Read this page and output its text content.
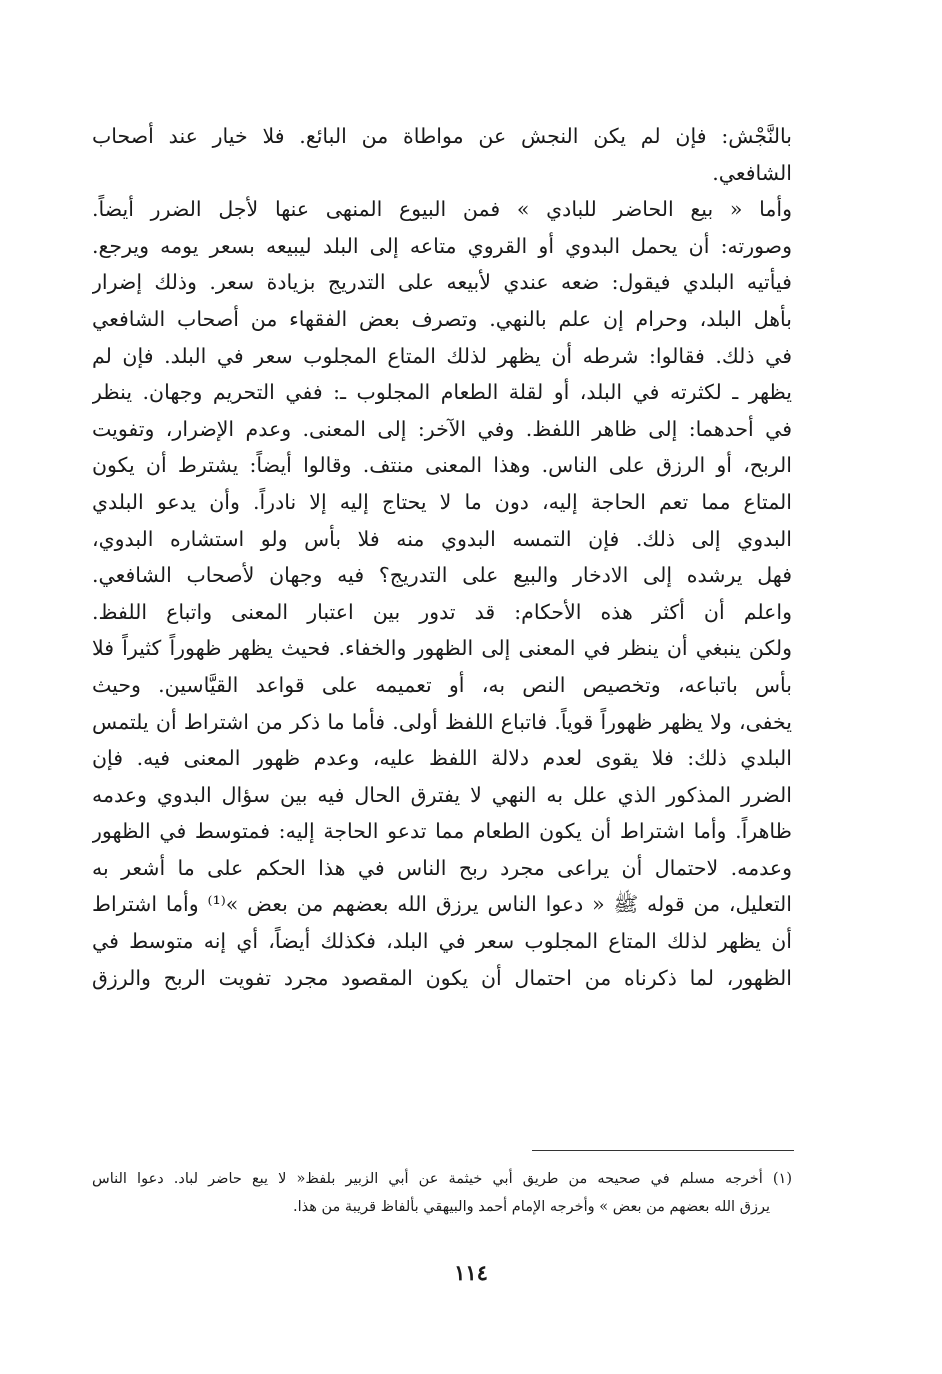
بالنَّجْش: فإن لم يكن النجش عن مواطاة من البائع. فلا خيار عند أصحاب
الشافعي.
وأما « بيع الحاضر للبادي » فمن البيوع المنهى عنها لأجل الضرر أيضاً.
وصورته: أن يحمل البدوي أو القروي متاعه إلى البلد ليبيعه بسعر يومه ويرجع.
فيأتيه البلدي فيقول: ضعه عندي لأبيعه على التدريج بزيادة سعر. وذلك إضرار
بأهل البلد، وحرام إن علم بالنهي. وتصرف بعض الفقهاء من أصحاب الشافعي
في ذلك. فقالوا: شرطه أن يظهر لذلك المتاع المجلوب سعر في البلد. فإن لم
يظهر ـ لكثرته في البلد، أو لقلة الطعام المجلوب ـ: ففي التحريم وجهان. ينظر
في أحدهما: إلى ظاهر اللفظ. وفي الآخر: إلى المعنى. وعدم الإضرار، وتفويت
الربح، أو الرزق على الناس. وهذا المعنى منتف. وقالوا أيضاً: يشترط أن يكون
المتاع مما تعم الحاجة إليه، دون ما لا يحتاج إليه إلا نادراً. وأن يدعو البلدي
البدوي إلى ذلك. فإن التمسه البدوي منه فلا بأس ولو استشاره البدوي،
فهل يرشده إلى الادخار والبيع على التدريج؟ فيه وجهان لأصحاب الشافعي.
واعلم أن أكثر هذه الأحكام: قد تدور بين اعتبار المعنى واتباع اللفظ.
ولكن ينبغي أن ينظر في المعنى إلى الظهور والخفاء. فحيث يظهر ظهوراً كثيراً فلا
بأس باتباعه، وتخصيص النص به، أو تعميمه على قواعد القيَّاسين. وحيث
يخفى، ولا يظهر ظهوراً قوياً. فاتباع اللفظ أولى. فأما ما ذكر من اشتراط أن يلتمس
البلدي ذلك: فلا يقوى لعدم دلالة اللفظ عليه، وعدم ظهور المعنى فيه. فإن
الضرر المذكور الذي علل به النهي لا يفترق الحال فيه بين سؤال البدوي وعدمه
ظاهراً. وأما اشتراط أن يكون الطعام مما تدعو الحاجة إليه: فمتوسط في الظهور
وعدمه. لاحتمال أن يراعى مجرد ربح الناس في هذا الحكم على ما أشعر به
التعليل، من قوله ﷺ « دعوا الناس يرزق الله بعضهم من بعض »⁽¹⁾ وأما اشتراط
أن يظهر لذلك المتاع المجلوب سعر في البلد، فكذلك أيضاً، أي إنه متوسط في
الظهور، لما ذكرناه من احتمال أن يكون المقصود مجرد تفويت الربح والرزق
(١) أخرجه مسلم في صحيحه من طريق أبي خيثمة عن أبي الزبير بلفظ« لا يبع حاضر لباد. دعوا الناس
يرزق الله بعضهم من بعض » وأخرجه الإمام أحمد والبيهقي بألفاظ قريبة من هذا.
١١٤
